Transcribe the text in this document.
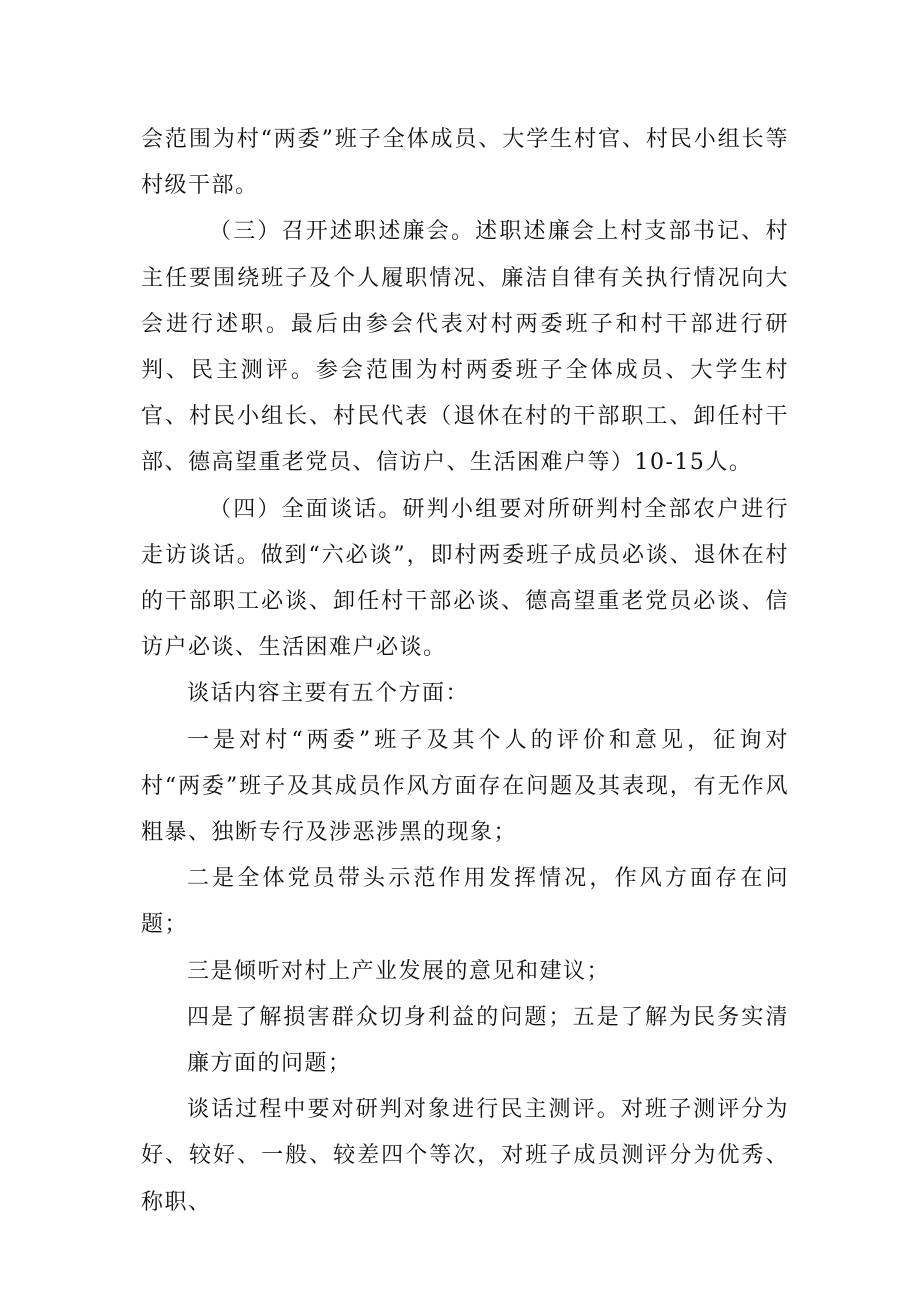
会范围为村“两委”班子全体成员、大学生村官、村民小组长等村级干部。

（三）召开述职述廉会。述职述廉会上村支部书记、村主任要围绕班子及个人履职情况、廉洁自律有关执行情况向大会进行述职。最后由参会代表对村两委班子和村干部进行研判、民主测评。参会范围为村两委班子全体成员、大学生村官、村民小组长、村民代表（退休在村的干部职工、卸任村干部、德高望重老党员、信访户、生活困难户等）10-15人。

（四）全面谈话。研判小组要对所研判村全部农户进行走访谈话。做到“六必谈”，即村两委班子成员必谈、退休在村的干部职工必谈、卸任村干部必谈、德高望重老党员必谈、信访户必谈、生活困难户必谈。

谈话内容主要有五个方面：

一是对村“两委”班子及其个人的评价和意见，征询对村“两委”班子及其成员作风方面存在问题及其表现，有无作风粗暴、独断专行及涉恶涉黑的现象；

二是全体党员带头示范作用发挥情况，作风方面存在问题；

三是倾听对村上产业发展的意见和建议；

四是了解损害群众切身利益的问题；五是了解为民务实清廉方面的问题；

谈话过程中要对研判对象进行民主测评。对班子测评分为好、较好、一般、较差四个等次，对班子成员测评分为优秀、称职、
